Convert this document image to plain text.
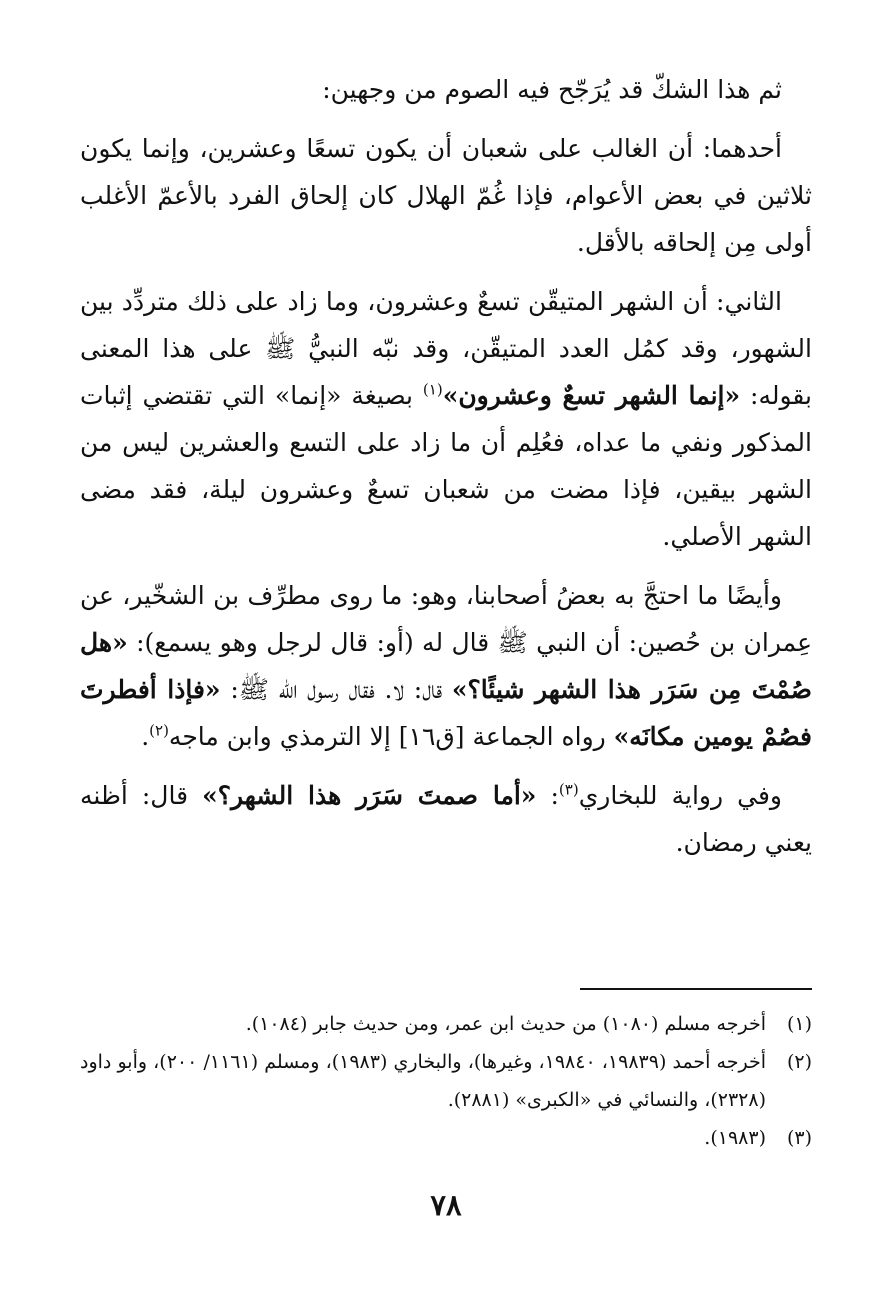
ثم هذا الشكّ قد يُرَجّح فيه الصوم من وجهين:

أحدهما: أن الغالب على شعبان أن يكون تسعًا وعشرين، وإنما يكون ثلاثين في بعض الأعوام، فإذا غُمّ الهلال كان إلحاق الفرد بالأعمّ الأغلب أولى مِن إلحاقه بالأقل.

الثاني: أن الشهر المتيقّن تسعٌ وعشرون، وما زاد على ذلك متردِّد بين الشهور، وقد كمُل العدد المتيقّن، وقد نبّه النبيُّ ﷺ على هذا المعنى بقوله: «إنما الشهر تسعٌ وعشرون»$^{(١)}$ بصيغة «إنما» التي تقتضي إثبات المذكور ونفي ما عداه، فعُلِم أن ما زاد على التسع والعشرين ليس من الشهر بيقين، فإذا مضت من شعبان تسعٌ وعشرون ليلة، فقد مضى الشهر الأصلي.

وأيضًا ما احتجَّ به بعضُ أصحابنا، وهو: ما روى مطرِّف بن الشخّير، عن عِمران بن حُصين: أن النبي ﷺ قال له (أو: قال لرجل وهو يسمع): «هل صُمْتَ مِن سَرَر هذا الشهر شيئًا؟» قال: لا. فقال رسول الله ﷺ: «فإذا أفطرتَ فصُمْ يومين مكانَه» رواه الجماعة [ق١٦] إلا الترمذي وابن ماجه$^{(٢)}$.

وفي رواية للبخاري$^{(٣)}$: «أما صمتَ سَرَر هذا الشهر؟» قال: أظنه يعني رمضان.

(١)أخرجه مسلم (١٠٨٠) من حديث ابن عمر، ومن حديث جابر (١٠٨٤).

(٢)أخرجه أحمد (١٩٨٣٩، ١٩٨٤٠، وغيرها)، والبخاري (١٩٨٣)، ومسلم (١١٦١/ ٢٠٠)، وأبو داود (٢٣٢٨)، والنسائي في «الكبرى» (٢٨٨١).

(٣)(١٩٨٣).

٧٨
